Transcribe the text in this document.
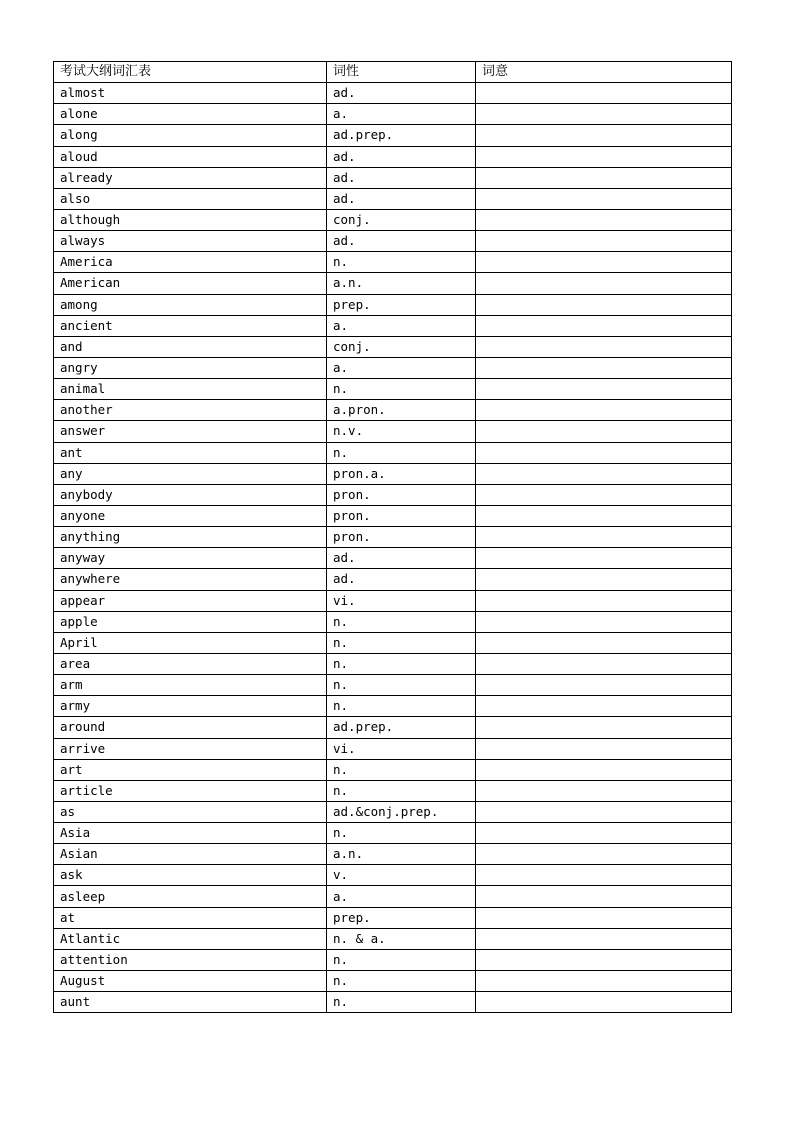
考试大纲词汇表	词性	词意
almost	ad.	
alone	a.	
along	ad.prep.	
aloud	ad.	
already	ad.	
also	ad.	
although	conj.	
always	ad.	
America	n.	
American	a.n.	
among	prep.	
ancient	a.	
and	conj.	
angry	a.	
animal	n.	
another	a.pron.	
answer	n.v.	
ant	n.	
any	pron.a.	
anybody	pron.	
anyone	pron.	
anything	pron.	
anyway	ad.	
anywhere	ad.	
appear	vi.	
apple	n.	
April	n.	
area	n.	
arm	n.	
army	n.	
around	ad.prep.	
arrive	vi.	
art	n.	
article	n.	
as	ad.&conj.prep.	
Asia	n.	
Asian	a.n.	
ask	v.	
asleep	a.	
at	prep.	
Atlantic	n. & a.	
attention	n.	
August	n.	
aunt	n.	
